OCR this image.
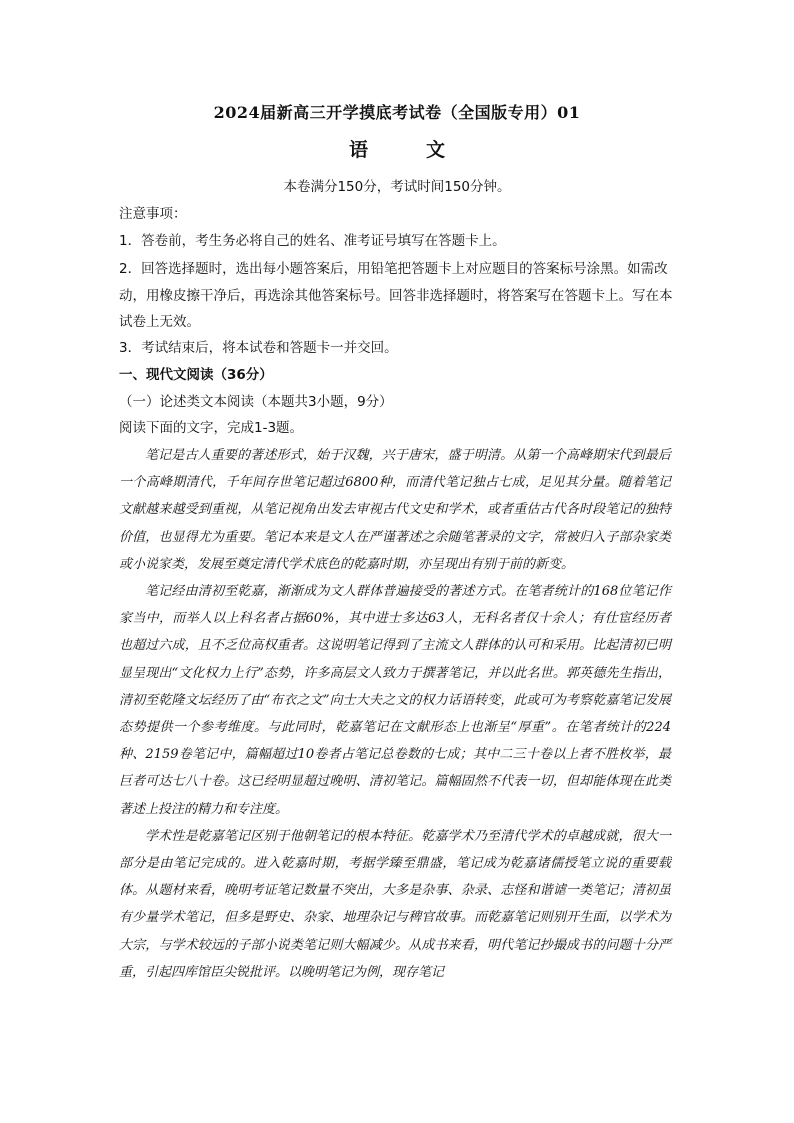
2024届新高三开学摸底考试卷（全国版专用）01
语文
本卷满分150分，考试时间150分钟。
注意事项：
1．答卷前，考生务必将自己的姓名、准考证号填写在答题卡上。
2．回答选择题时，选出每小题答案后，用铅笔把答题卡上对应题目的答案标号涂黑。如需改动，用橡皮擦干净后，再选涂其他答案标号。回答非选择题时，将答案写在答题卡上。写在本试卷上无效。
3．考试结束后，将本试卷和答题卡一并交回。
一、现代文阅读（36分）
（一）论述类文本阅读（本题共3小题，9分）
阅读下面的文字，完成1-3题。

笔记是古人重要的著述形式，始于汉魏，兴于唐宋，盛于明清。从第一个高峰期宋代到最后一个高峰期清代，千年间存世笔记超过6800种，而清代笔记独占七成，足见其分量。随着笔记文献越来越受到重视，从笔记视角出发去审视古代文史和学术，或者重估古代各时段笔记的独特价值，也显得尤为重要。笔记本来是文人在严谨著述之余随笔著录的文字，常被归入子部杂家类或小说家类，发展至奠定清代学术底色的乾嘉时期，亦呈现出有别于前的新变。

笔记经由清初至乾嘉，渐渐成为文人群体普遍接受的著述方式。在笔者统计的168位笔记作家当中，而举人以上科名者占据60%，其中进士多达63人，无科名者仅十余人；有仕宦经历者也超过六成，且不乏位高权重者。这说明笔记得到了主流文人群体的认可和采用。比起清初已明显呈现出“文化权力上行”态势，许多高层文人致力于撰著笔记，并以此名世。郭英德先生指出，清初至乾隆文坛经历了由“布衣之文”向士大夫之文的权力话语转变，此或可为考察乾嘉笔记发展态势提供一个参考维度。与此同时，乾嘉笔记在文献形态上也渐呈“厚重”。在笔者统计的224种、2159卷笔记中，篇幅超过10卷者占笔记总卷数的七成；其中二三十卷以上者不胜枚举，最巨者可达七八十卷。这已经明显超过晚明、清初笔记。篇幅固然不代表一切，但却能体现在此类著述上投注的精力和专注度。

学术性是乾嘉笔记区别于他朝笔记的根本特征。乾嘉学术乃至清代学术的卓越成就，很大一部分是由笔记完成的。进入乾嘉时期，考据学臻至鼎盛，笔记成为乾嘉诸儒授笔立说的重要载体。从题材来看，晚明考证笔记数量不突出，大多是杂事、杂录、志怪和谐谑一类笔记；清初虽有少量学术笔记，但多是野史、杂家、地理杂记与稗官故事。而乾嘉笔记则别开生面，以学术为大宗，与学术较远的子部小说类笔记则大幅减少。从成书来看，明代笔记抄撮成书的问题十分严重，引起四库馆臣尖锐批评。以晚明笔记为例，现存笔记
